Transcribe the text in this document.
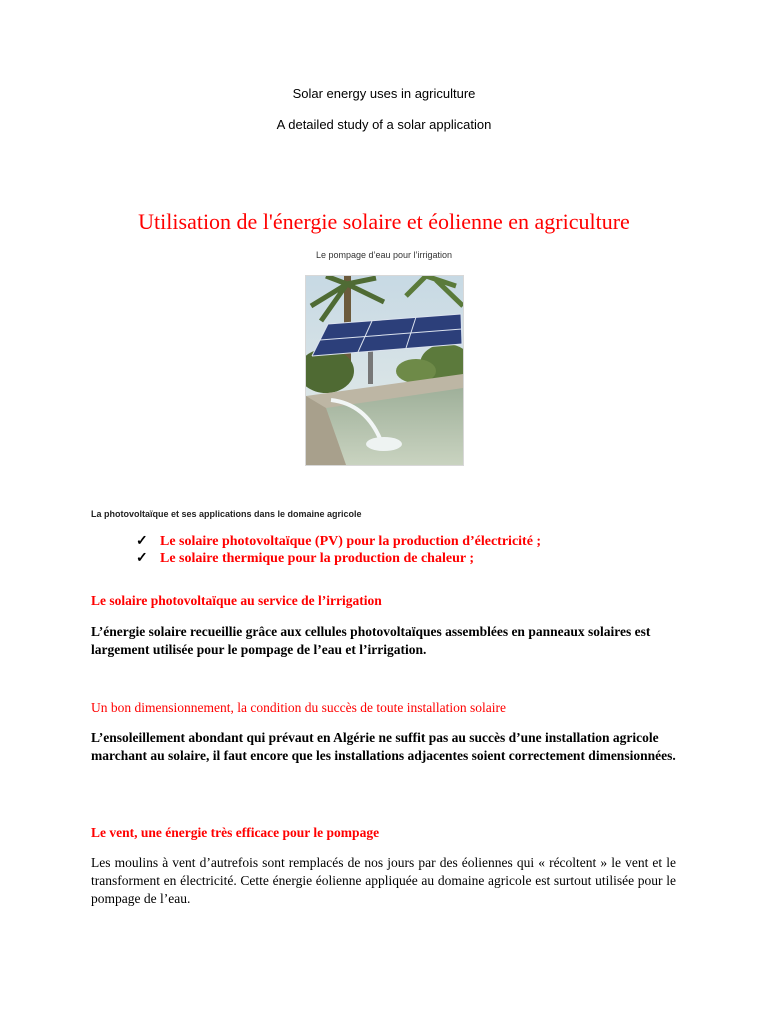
Solar energy uses in agriculture
A detailed study of a solar application
Utilisation de l'énergie solaire et éolienne en agriculture
Le pompage d’eau pour l’irrigation
La photovoltaïque et ses applications dans le domaine agricole
✓ Le solaire photovoltaïque (PV) pour la production d’électricité ;
✓ Le solaire thermique pour la production de chaleur ;
Le solaire photovoltaïque au service de l’irrigation
L’énergie solaire recueillie grâce aux cellules photovoltaïques assemblées en panneaux solaires est largement utilisée pour le pompage de l’eau et l’irrigation.
Un bon dimensionnement, la condition du succès de toute installation solaire
L’ensoleillement abondant qui prévaut en Algérie ne suffit pas au succès d’une installation agricole marchant au solaire, il faut encore que les installations adjacentes soient correctement dimensionnées.
Le vent, une énergie très efficace pour le pompage
Les moulins à vent d’autrefois sont remplacés de nos jours par des éoliennes qui « récoltent » le vent et le transforment en électricité. Cette énergie éolienne appliquée au domaine agricole est surtout utilisée pour le pompage de l’eau.
